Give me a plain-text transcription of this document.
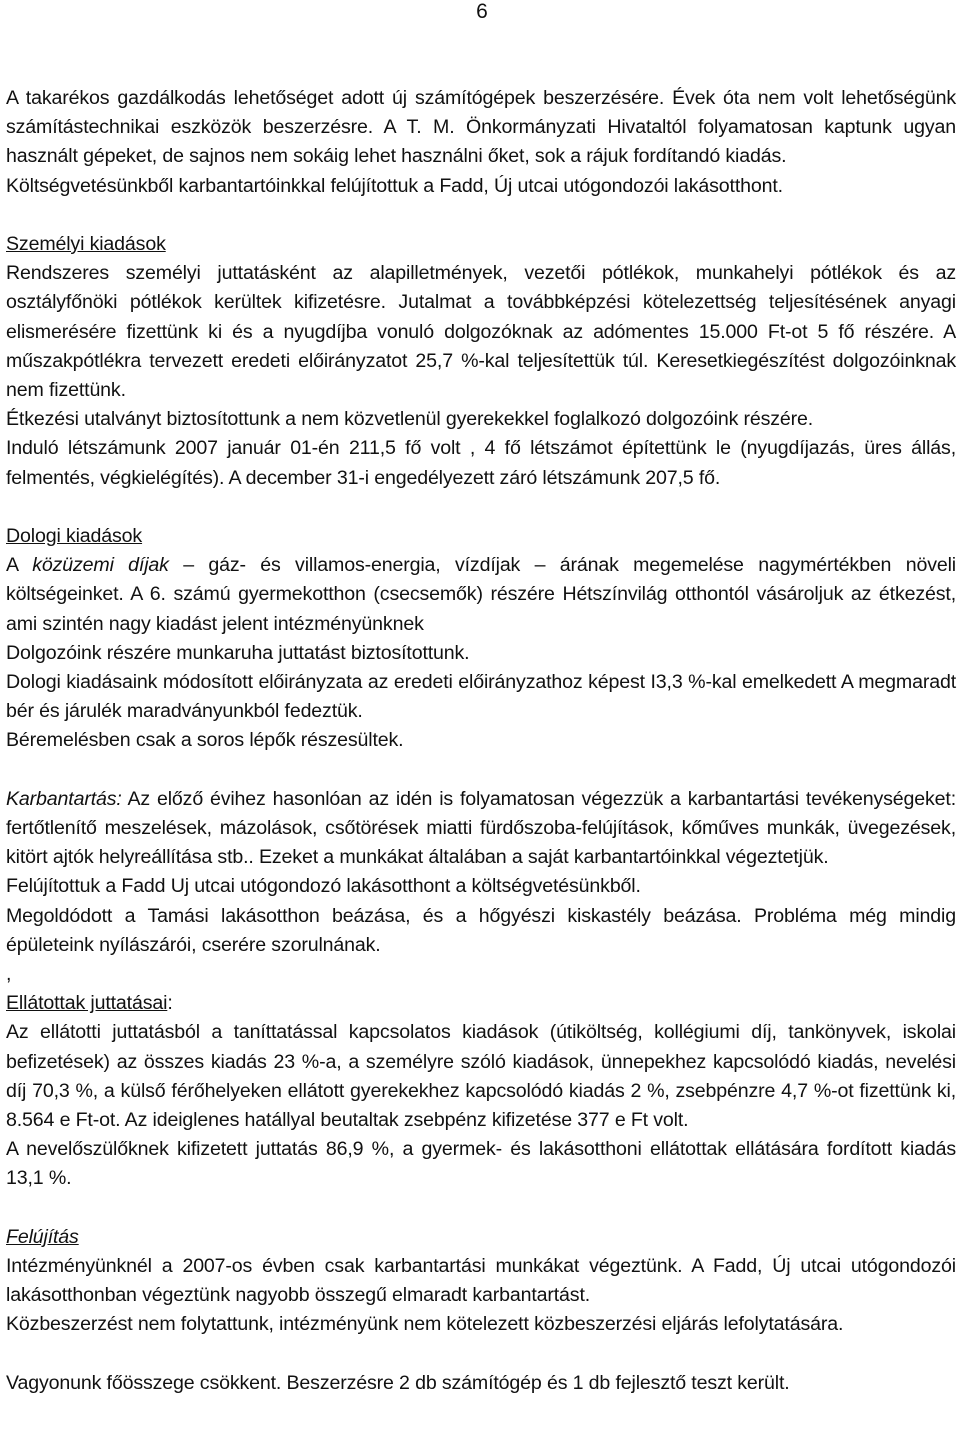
6

A takarékos gazdálkodás lehetőséget adott új számítógépek beszerzésére. Évek óta nem volt lehetőségünk számítástechnikai eszközök beszerzésre. A T. M. Önkormányzati Hivataltól folyamatosan kaptunk ugyan használt gépeket, de sajnos nem sokáig lehet használni őket, sok a rájuk fordítandó kiadás.

Költségvetésünkből karbantartóinkkal felújítottuk a Fadd, Új utcai utógondozói lakásotthont.

Személyi kiadások

Rendszeres személyi juttatásként az alapilletmények, vezetői pótlékok, munkahelyi pótlékok és az osztályfőnöki pótlékok kerültek kifizetésre. Jutalmat a továbbképzési kötelezettség teljesítésének anyagi elismerésére fizettünk ki és a nyugdíjba vonuló dolgozóknak az adómentes 15.000 Ft-ot 5 fő részére. A műszakpótlékra tervezett eredeti előirányzatot 25,7 %-kal teljesítettük túl. Keresetkiegészítést dolgozóinknak nem fizettünk.

Étkezési utalványt biztosítottunk a nem közvetlenül gyerekekkel foglalkozó dolgozóink részére.

Induló létszámunk 2007 január 01-én 211,5 fő volt , 4 fő létszámot építettünk le (nyugdíjazás, üres állás, felmentés, végkielégítés). A december 31-i engedélyezett záró létszámunk 207,5 fő.

Dologi kiadások

A közüzemi díjak – gáz- és villamos-energia, vízdíjak – árának megemelése nagymértékben növeli költségeinket. A 6. számú gyermekotthon (csecsemők) részére Hétszínvilág otthontól vásároljuk az étkezést, ami szintén nagy kiadást jelent intézményünknek

Dolgozóink részére munkaruha juttatást biztosítottunk.

Dologi kiadásaink módosított előirányzata az eredeti előirányzathoz képest I3,3 %-kal emelkedett A megmaradt bér és járulék maradványunkból fedeztük.

Béremelésben csak a soros lépők részesültek.

Karbantartás: Az előző évihez hasonlóan az idén is folyamatosan végezzük a karbantartási tevékenységeket: fertőtlenítő meszelések, mázolások, csőtörések miatti fürdőszoba-felújítások, kőműves munkák, üvegezések, kitört ajtók helyreállítása stb.. Ezeket a munkákat általában a saját karbantartóinkkal végeztetjük.

Felújítottuk a Fadd Uj utcai utógondozó lakásotthont a költségvetésünkből.

Megoldódott a Tamási lakásotthon beázása, és a hőgyészi kiskastély beázása. Probléma még mindig épületeink nyílászárói, cserére szorulnának.

,

Ellátottak juttatásai:

Az ellátotti juttatásból a taníttatással kapcsolatos kiadások (útiköltség, kollégiumi díj, tankönyvek, iskolai befizetések) az összes kiadás 23 %-a, a személyre szóló kiadások, ünnepekhez kapcsolódó kiadás, nevelési díj 70,3 %, a külső férőhelyeken ellátott gyerekekhez kapcsolódó kiadás 2 %, zsebpénzre 4,7 %-ot fizettünk ki, 8.564 e Ft-ot. Az ideiglenes hatállyal beutaltak zsebpénz kifizetése 377 e Ft volt.

A nevelőszülőknek kifizetett juttatás 86,9 %, a gyermek- és lakásotthoni ellátottak ellátására fordított kiadás 13,1 %.

Felújítás

Intézményünknél a 2007-os évben csak karbantartási munkákat végeztünk. A Fadd, Új utcai utógondozói lakásotthonban végeztünk nagyobb összegű elmaradt karbantartást.

Közbeszerzést nem folytattunk, intézményünk nem kötelezett közbeszerzési eljárás lefolytatására.

Vagyonunk főösszege csökkent. Beszerzésre 2 db számítógép és 1 db fejlesztő teszt került.
